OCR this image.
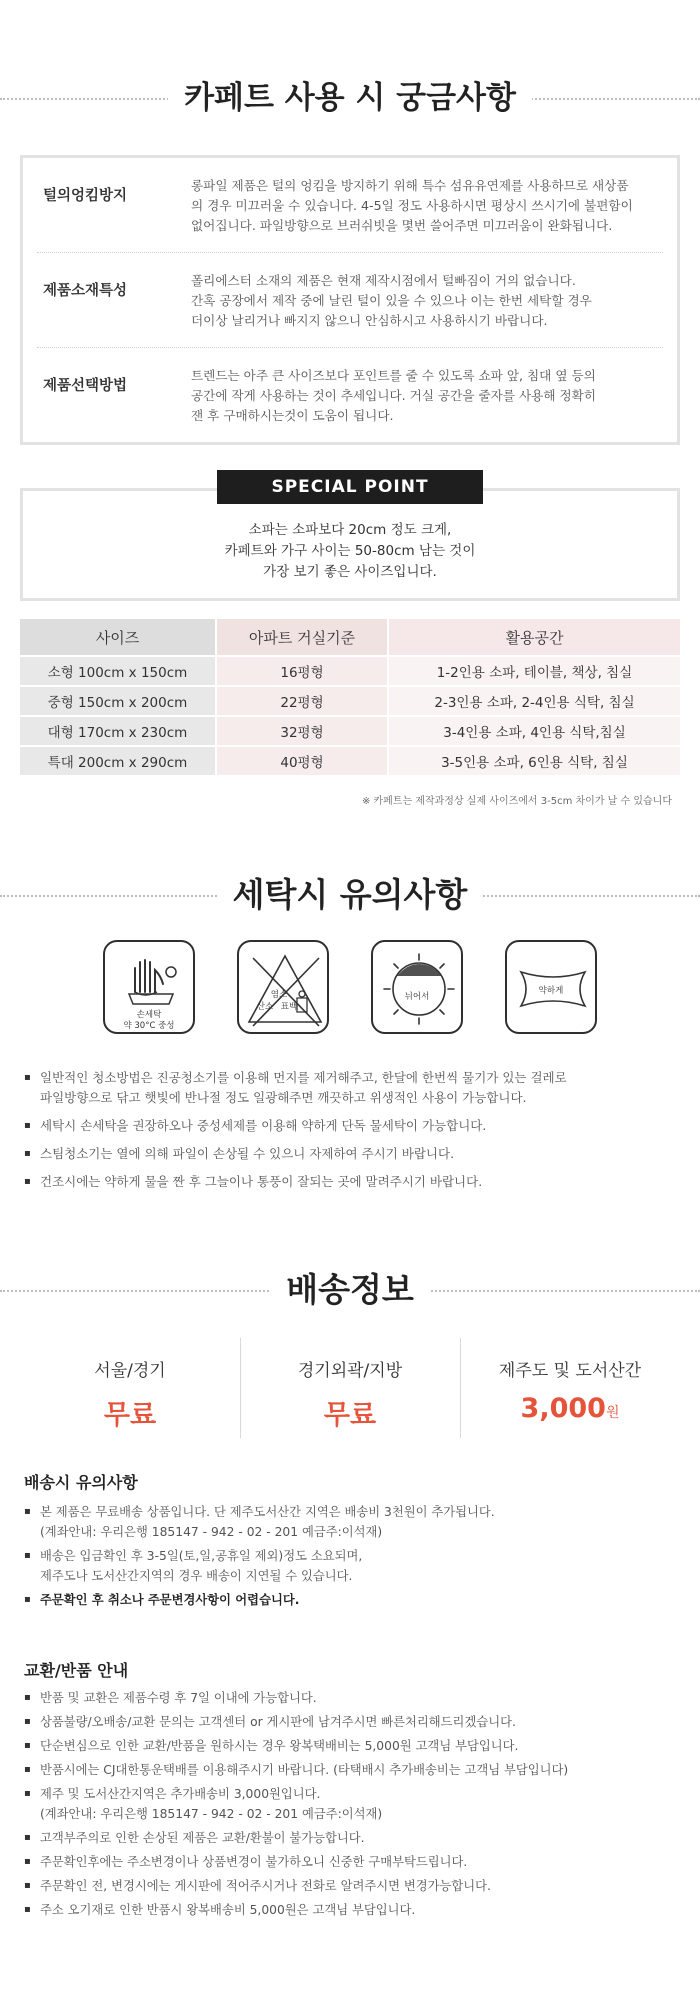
카페트 사용 시 궁금사항
털의엉킴방지
롱파일 제품은 털의 엉킴을 방지하기 위해 특수 섬유유연제를 사용하므로 새상품
의 경우 미끄러울 수 있습니다. 4-5일 정도 사용하시면 평상시 쓰시기에 불편함이
없어집니다. 파일방향으로 브러쉬빗을 몇번 쓸어주면 미끄러움이 완화됩니다.
제품소재특성
폴리에스터 소재의 제품은 현재 제작시점에서 털빠짐이 거의 없습니다.
간혹 공장에서 제작 중에 날린 털이 있을 수 있으나 이는 한번 세탁할 경우
더이상 날리거나 빠지지 않으니 안심하시고 사용하시기 바랍니다.
제품선택방법
트렌드는 아주 큰 사이즈보다 포인트를 줄 수 있도록 쇼파 앞, 침대 옆 등의
공간에 작게 사용하는 것이 추세입니다. 거실 공간을 줄자를 사용해 정확히
잰 후 구매하시는것이 도움이 됩니다.
SPECIAL POINT
소파는 소파보다 20cm 정도 크게,
카페트와 가구 사이는 50-80cm 남는 것이
가장 보기 좋은 사이즈입니다.
사이즈	아파트 거실기준	활용공간
소형 100cm x 150cm	16평형	1-2인용 소파, 테이블, 책상, 침실
중형 150cm x 200cm	22평형	2-3인용 소파, 2-4인용 식탁, 침실
대형 170cm x 230cm	32평형	3-4인용 소파, 4인용 식탁,침실
특대 200cm x 290cm	40평형	3-5인용 소파, 6인용 식탁, 침실
※ 카페트는 제작과정상 실제 사이즈에서 3-5cm 차이가 날 수 있습니다
세탁시 유의사항
손세탁
약 30°C 중성
염소
산소 표백
뉘어서
약하게
▪ 일반적인 청소방법은 진공청소기를 이용해 먼지를 제거해주고, 한달에 한번씩 물기가 있는 걸레로
파일방향으로 닦고 햇빛에 반나절 정도 일광해주면 깨끗하고 위생적인 사용이 가능합니다.
▪ 세탁시 손세탁을 권장하오나 중성세제를 이용해 약하게 단독 물세탁이 가능합니다.
▪ 스팀청소기는 열에 의해 파일이 손상될 수 있으니 자제하여 주시기 바랍니다.
▪ 건조시에는 약하게 물을 짠 후 그늘이나 통풍이 잘되는 곳에 말려주시기 바랍니다.
배송정보
서울/경기
무료
경기외곽/지방
무료
제주도 및 도서산간
3,000원
배송시 유의사항
▪ 본 제품은 무료배송 상품입니다. 단 제주도서산간 지역은 배송비 3천원이 추가됩니다.
(계좌안내: 우리은행 185147 - 942 - 02 - 201 예금주:이석재)
▪ 배송은 입금확인 후 3-5일(토,일,공휴일 제외)정도 소요되며,
제주도나 도서산간지역의 경우 배송이 지연될 수 있습니다.
▪ 주문확인 후 취소나 주문변경사항이 어렵습니다.
교환/반품 안내
▪ 반품 및 교환은 제품수령 후 7일 이내에 가능합니다.
▪ 상품불량/오배송/교환 문의는 고객센터 or 게시판에 남겨주시면 빠른처리해드리겠습니다.
▪ 단순변심으로 인한 교환/반품을 원하시는 경우 왕복택배비는 5,000원 고객님 부담입니다.
▪ 반품시에는 CJ대한통운택배를 이용해주시기 바랍니다. (타택배시 추가배송비는 고객님 부담입니다)
▪ 제주 및 도서산간지역은 추가배송비 3,000원입니다.
(계좌안내: 우리은행 185147 - 942 - 02 - 201 예금주:이석재)
▪ 고객부주의로 인한 손상된 제품은 교환/환불이 불가능합니다.
▪ 주문확인후에는 주소변경이나 상품변경이 불가하오니 신중한 구매부탁드립니다.
▪ 주문확인 전, 변경시에는 게시판에 적어주시거나 전화로 알려주시면 변경가능합니다.
▪ 주소 오기재로 인한 반품시 왕복배송비 5,000원은 고객님 부담입니다.
